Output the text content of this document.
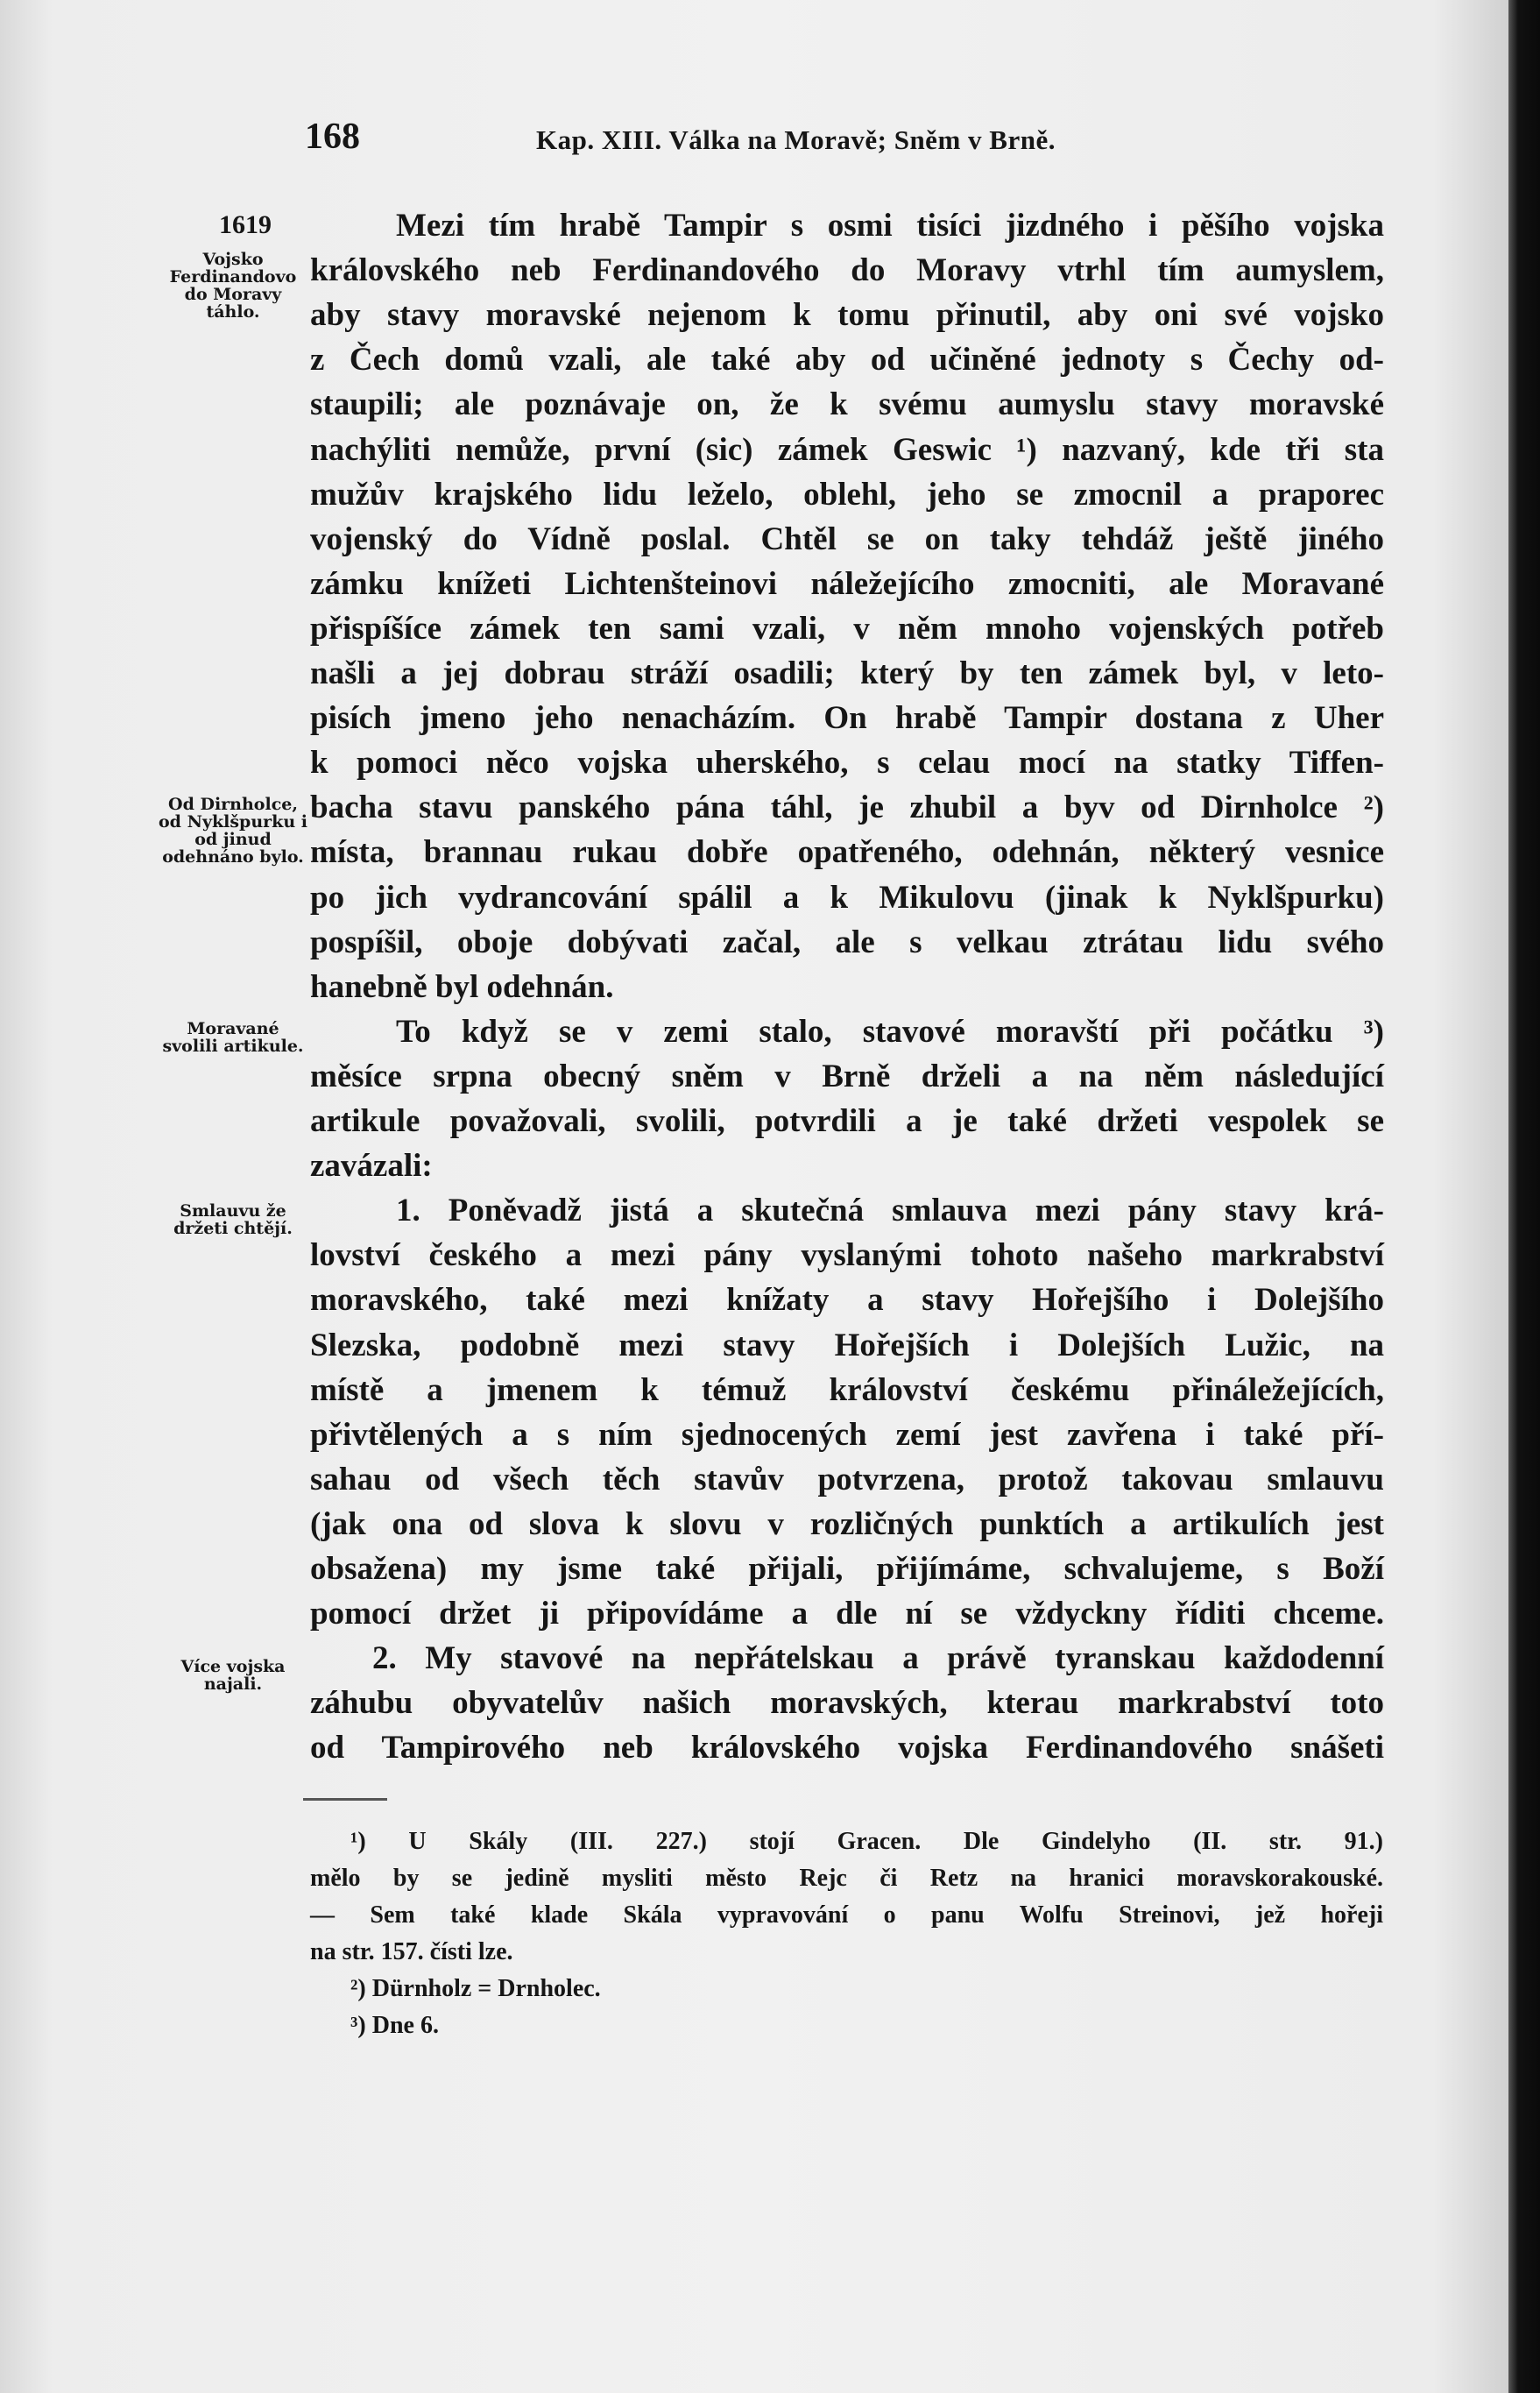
168	Kap. XIII. Válka na Moravě; Sněm v Brně.
1619
Vojsko Ferdinandovo do Moravy táhlo.
Od Dirnholce, od Nyklšpurku i od jinud odehnáno bylo.
Moravané svolili artikule.
Smlauvu že držeti chtějí.
Více vojska najali.
Mezi tím hrabě Tampir s osmi tisíci jizdného i pěšího vojska
královského neb Ferdinandového do Moravy vtrhl tím aumyslem,
aby stavy moravské nejenom k tomu přinutil, aby oni své vojsko
z Čech domů vzali, ale také aby od učiněné jednoty s Čechy od-
staupili; ale poznávaje on, že k svému aumyslu stavy moravské
nachýliti nemůže, první (sic) zámek Geswic ¹) nazvaný, kde tři sta
mužův krajského lidu leželo, oblehl, jeho se zmocnil a praporec
vojenský do Vídně poslal. Chtěl se on taky tehdáž ještě jiného
zámku knížeti Lichtenšteinovi náležejícího zmocniti, ale Moravané
přispíšíce zámek ten sami vzali, v něm mnoho vojenských potřeb
našli a jej dobrau stráží osadili; který by ten zámek byl, v leto-
pisích jmeno jeho nenacházím. On hrabě Tampir dostana z Uher
k pomoci něco vojska uherského, s celau mocí na statky Tiffen-
bacha stavu panského pána táhl, je zhubil a byv od Dirnholce ²)
místa, brannau rukau dobře opatřeného, odehnán, některý vesnice
po jich vydrancování spálil a k Mikulovu (jinak k Nyklšpurku)
pospíšil, oboje dobývati začal, ale s velkau ztrátau lidu svého
hanebně byl odehnán.
To když se v zemi stalo, stavové moravští při počátku ³)
měsíce srpna obecný sněm v Brně drželi a na něm následující
artikule považovali, svolili, potvrdili a je také držeti vespolek se
zavázali:
1. Poněvadž jistá a skutečná smlauva mezi pány stavy krá-
lovství českého a mezi pány vyslanými tohoto našeho markrabství
moravského, také mezi knížaty a stavy Hořejšího i Dolejšího
Slezska, podobně mezi stavy Hořejších i Dolejších Lužic, na
místě a jmenem k témuž království českému přináležejících,
přivtělených a s ním sjednocených zemí jest zavřena i také pří-
sahau od všech těch stavův potvrzena, protož takovau smlauvu
(jak ona od slova k slovu v rozličných punktích a artikulích jest
obsažena) my jsme také přijali, přijímáme, schvalujeme, s Boží
pomocí držet ji připovídáme a dle ní se vždyckny říditi chceme.
2. My stavové na nepřátelskau a právě tyranskau každodenní
záhubu obyvatelův našich moravských, kterau markrabství toto
od Tampirového neb královského vojska Ferdinandového snášeti
¹) U Skály (III. 227.) stojí Gracen. Dle Gindelyho (II. str. 91.)
mělo by se jedině mysliti město Rejc či Retz na hranici moravskorakouské.
— Sem také klade Skála vypravování o panu Wolfu Streinovi, jež hořeji
na str. 157. čísti lze.
²) Dürnholz = Drnholec.
³) Dne 6.
